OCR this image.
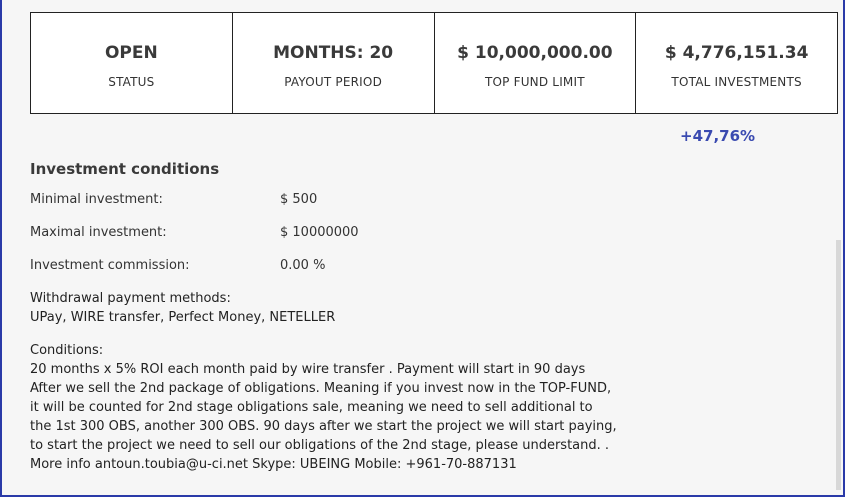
OPEN
STATUS
MONTHS: 20
PAYOUT PERIOD
$ 10,000,000.00
TOP FUND LIMIT
$ 4,776,151.34
TOTAL INVESTMENTS
+47,76%
Investment conditions
Minimal investment:	$ 500
Maximal investment:	$ 10000000
Investment commission:	0.00 %
Withdrawal payment methods:
UPay, WIRE transfer, Perfect Money, NETELLER
Conditions:
20 months x 5% ROI each month paid by wire transfer . Payment will start in 90 days
After we sell the 2nd package of obligations. Meaning if you invest now in the TOP-FUND,
it will be counted for 2nd stage obligations sale, meaning we need to sell additional to
the 1st 300 OBS, another 300 OBS. 90 days after we start the project we will start paying,
to start the project we need to sell our obligations of the 2nd stage, please understand. .
More info antoun.toubia@u-ci.net Skype: UBEING Mobile: +961-70-887131
